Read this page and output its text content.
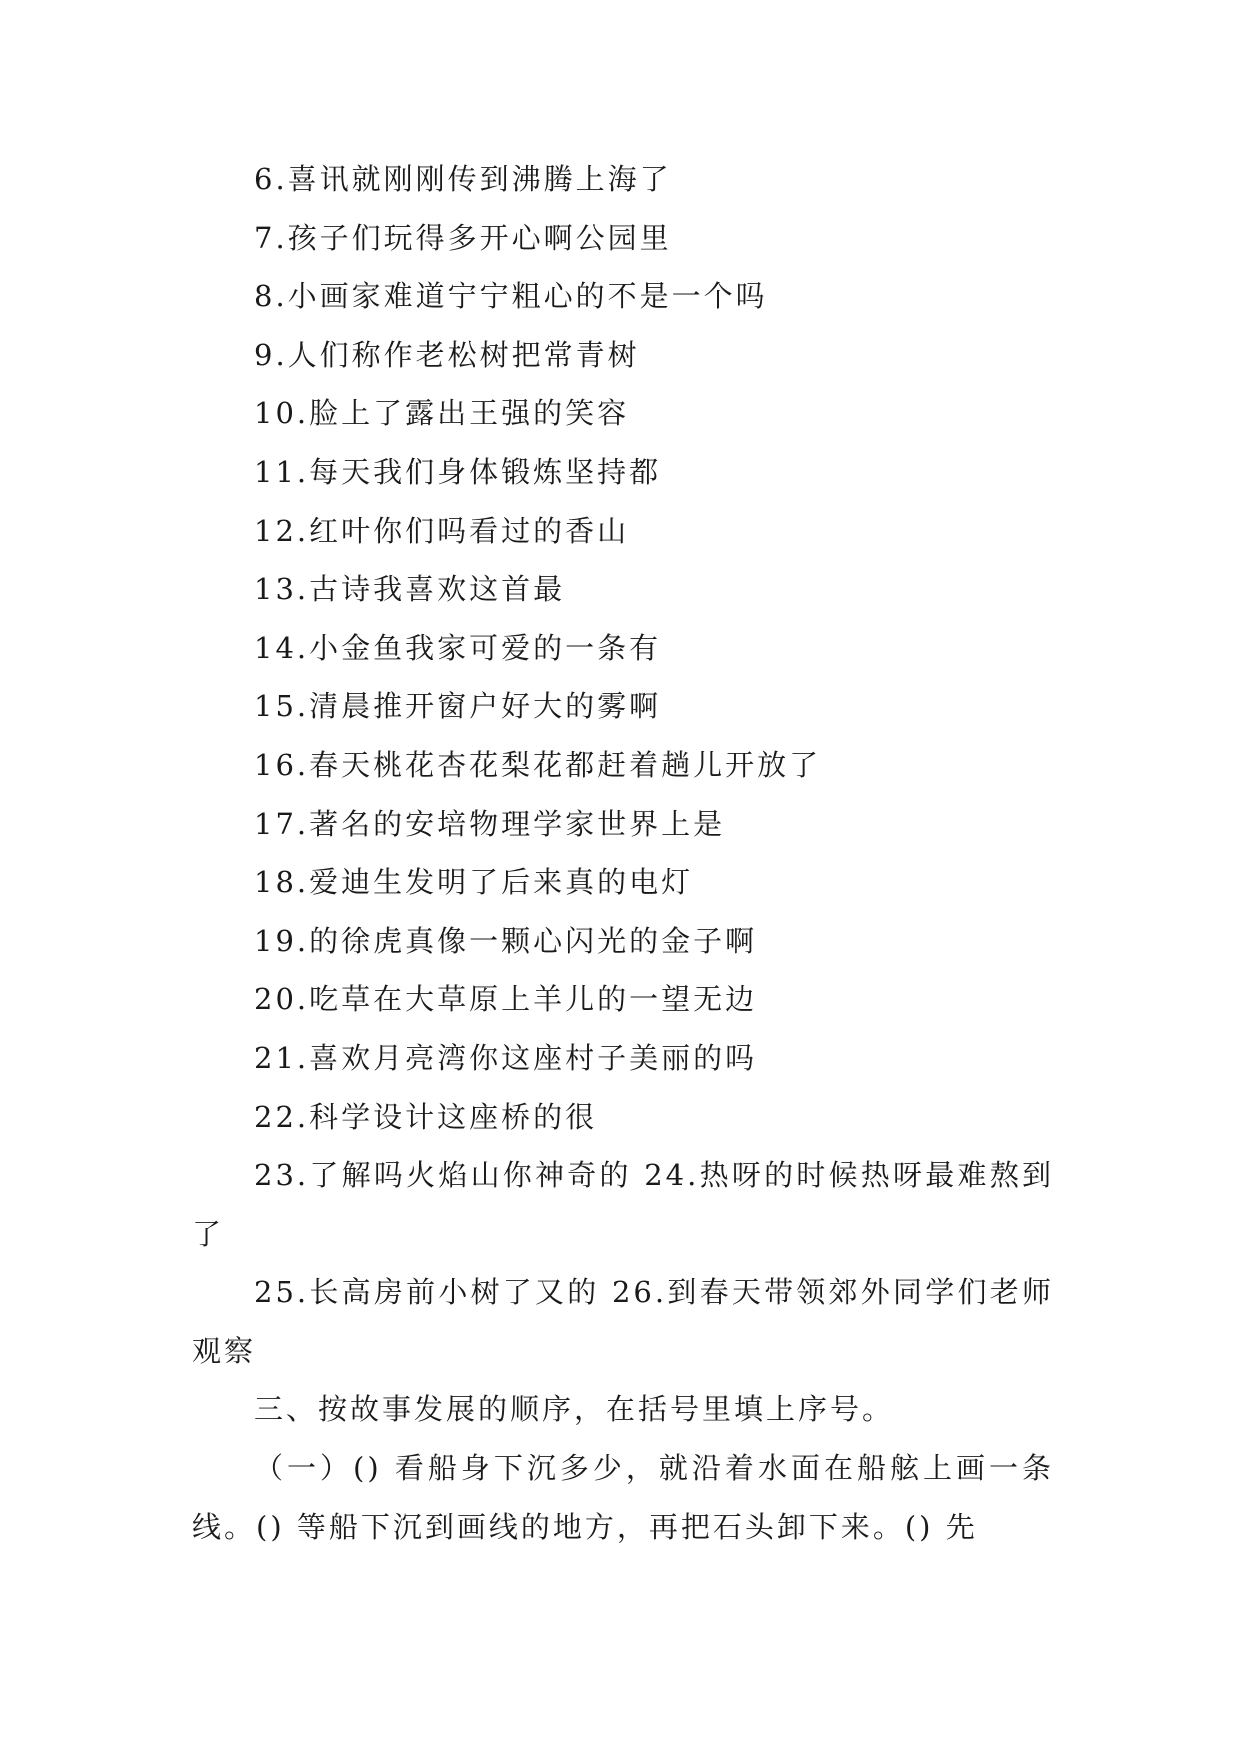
6.喜讯就刚刚传到沸腾上海了
7.孩子们玩得多开心啊公园里
8.小画家难道宁宁粗心的不是一个吗
9.人们称作老松树把常青树
10.脸上了露出王强的笑容
11.每天我们身体锻炼坚持都
12.红叶你们吗看过的香山
13.古诗我喜欢这首最
14.小金鱼我家可爱的一条有
15.清晨推开窗户好大的雾啊
16.春天桃花杏花梨花都赶着趟儿开放了
17.著名的安培物理学家世界上是
18.爱迪生发明了后来真的电灯
19.的徐虎真像一颗心闪光的金子啊
20.吃草在大草原上羊儿的一望无边
21.喜欢月亮湾你这座村子美丽的吗
22.科学设计这座桥的很
23.了解吗火焰山你神奇的 24.热呀的时候热呀最难熬到了
25.长高房前小树了又的 26.到春天带领郊外同学们老师观察
三、按故事发展的顺序，在括号里填上序号。
（一）() 看船身下沉多少，就沿着水面在船舷上画一条线。() 等船下沉到画线的地方，再把石头卸下来。() 先
